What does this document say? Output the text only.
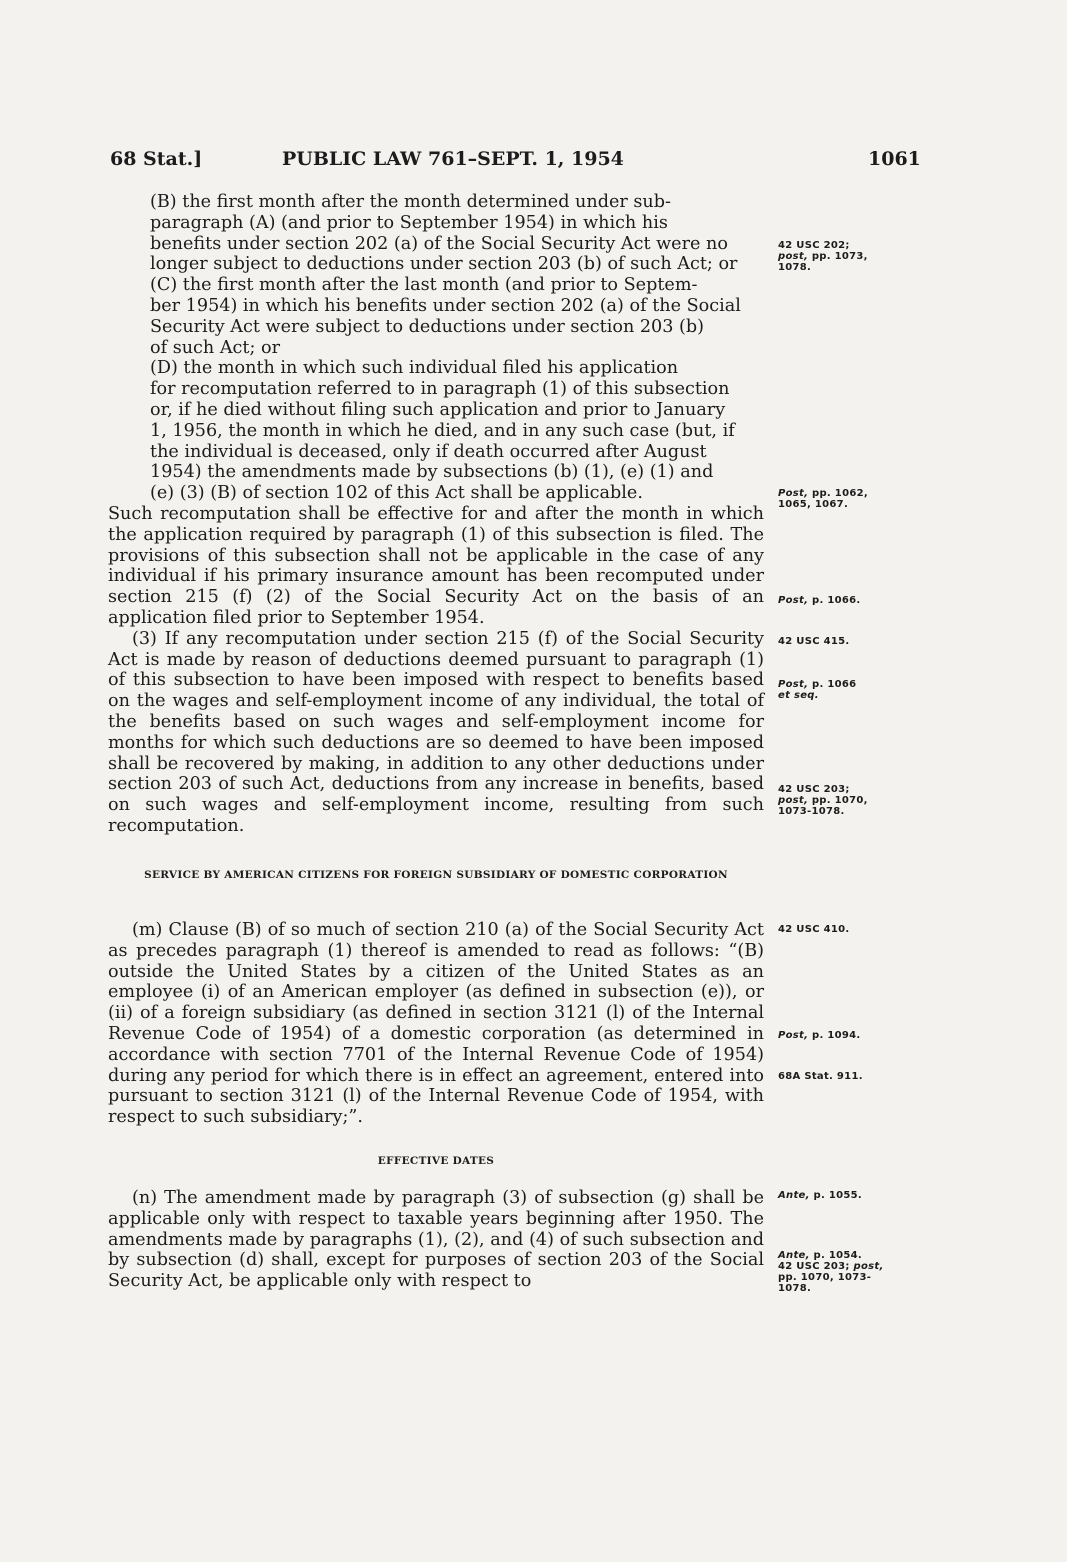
68 Stat.]	PUBLIC LAW 761–SEPT. 1, 1954	1061

(B) the first month after the month determined under sub-
paragraph (A) (and prior to September 1954) in which his
benefits under section 202 (a) of the Social Security Act were no
longer subject to deductions under section 203 (b) of such Act; or

(C) the first month after the last month (and prior to Septem-
ber 1954) in which his benefits under section 202 (a) of the Social
Security Act were subject to deductions under section 203 (b)
of such Act; or

(D) the month in which such individual filed his application
for recomputation referred to in paragraph (1) of this subsection
or, if he died without filing such application and prior to January
1, 1956, the month in which he died, and in any such case (but, if
the individual is deceased, only if death occurred after August
1954) the amendments made by subsections (b) (1), (e) (1) and
(e) (3) (B) of section 102 of this Act shall be applicable.

Such recomputation shall be effective for and after the month in which the application required by paragraph (1) of this subsection is filed. The provisions of this subsection shall not be applicable in the case of any individual if his primary insurance amount has been recomputed under section 215 (f) (2) of the Social Security Act on the basis of an application filed prior to September 1954.

(3) If any recomputation under section 215 (f) of the Social Security Act is made by reason of deductions deemed pursuant to paragraph (1) of this subsection to have been imposed with respect to benefits based on the wages and self-employment income of any individual, the total of the benefits based on such wages and self-employment income for months for which such deductions are so deemed to have been imposed shall be recovered by making, in addition to any other deductions under section 203 of such Act, deductions from any increase in benefits, based on such wages and self-employment income, resulting from such recomputation.

SERVICE BY AMERICAN CITIZENS FOR FOREIGN SUBSIDIARY OF DOMESTIC CORPORATION

(m) Clause (B) of so much of section 210 (a) of the Social Security Act as precedes paragraph (1) thereof is amended to read as follows: “(B) outside the United States by a citizen of the United States as an employee (i) of an American employer (as defined in subsection (e)), or (ii) of a foreign subsidiary (as defined in section 3121 (l) of the Internal Revenue Code of 1954) of a domestic corporation (as determined in accordance with section 7701 of the Internal Revenue Code of 1954) during any period for which there is in effect an agreement, entered into pursuant to section 3121 (l) of the Internal Revenue Code of 1954, with respect to such subsidiary;”.

EFFECTIVE DATES

(n) The amendment made by paragraph (3) of subsection (g) shall be applicable only with respect to taxable years beginning after 1950. The amendments made by paragraphs (1), (2), and (4) of such subsection and by subsection (d) shall, except for purposes of section 203 of the Social Security Act, be applicable only with respect to

42 USC 202;
post, pp. 1073,
1078.
Post, pp. 1062,
1065, 1067.
Post, p. 1066.
42 USC 415.
Post, p. 1066
et seq.
42 USC 203;
post, pp. 1070,
1073-1078.
42 USC 410.
Post, p. 1094.
68A Stat. 911.
Ante, p. 1055.
Ante, p. 1054.
42 USC 203; post,
pp. 1070, 1073-
1078.
